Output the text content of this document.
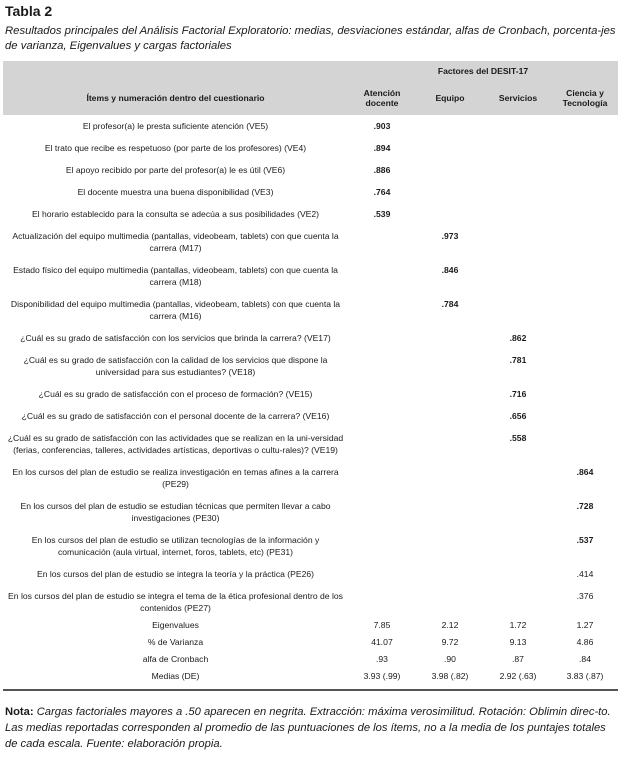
Tabla 2
Resultados principales del Análisis Factorial Exploratorio: medias, desviaciones estándar, alfas de Cronbach, porcenta-jes de varianza, Eigenvalues y cargas factoriales
	Factores del DESIT-17			
Ítems y numeración dentro del cuestionario	Atención docente	Equipo	Servicios	Ciencia y Tecnología
El profesor(a) le presta suficiente atención (VE5)	.903			
El trato que recibe es respetuoso (por parte de los profesores) (VE4)	.894			
El apoyo recibido por parte del profesor(a) le es útil (VE6)	.886			
El docente muestra una buena disponibilidad (VE3)	.764			
El horario establecido para la consulta se adecúa a sus posibilidades (VE2)	.539			
Actualización del equipo multimedia (pantallas, videobeam, tablets) con que cuenta la carrera (M17)		.973		
Estado físico del equipo multimedia (pantallas, videobeam, tablets) con que cuenta la carrera (M18)		.846		
Disponibilidad del equipo multimedia (pantallas, videobeam, tablets) con que cuenta la carrera (M16)		.784		
¿Cuál es su grado de satisfacción con los servicios que brinda la carrera? (VE17)			.862	
¿Cuál es su grado de satisfacción con la calidad de los servicios que dispone la universidad para sus estudiantes? (VE18)			.781	
¿Cuál es su grado de satisfacción con el proceso de formación? (VE15)			.716	
¿Cuál es su grado de satisfacción con el personal docente de la carrera? (VE16)			.656	
¿Cuál es su grado de satisfacción con las actividades que se realizan en la uni-versidad (ferias, conferencias, talleres, actividades artísticas, deportivas o cultu-rales)? (VE19)			.558	
En los cursos del plan de estudio se realiza investigación en temas afines a la carrera (PE29)				.864
En los cursos del plan de estudio se estudian técnicas que permiten llevar a cabo investigaciones (PE30)				.728
En los cursos del plan de estudio se utilizan tecnologías de la información y comunicación (aula virtual, internet, foros, tablets, etc) (PE31)				.537
En los cursos del plan de estudio se integra la teoría y la práctica (PE26)				.414
En los cursos del plan de estudio se integra el tema de la ética profesional dentro de los contenidos (PE27)				.376
Eigenvalues	7.85	2.12	1.72	1.27
% de Varianza	41.07	9.72	9.13	4.86
alfa de Cronbach	.93	.90	.87	.84
Medias (DE)	3.93 (.99)	3.98 (.82)	2.92 (.63)	3.83 (.87)
Nota: Cargas factoriales mayores a .50 aparecen en negrita. Extracción: máxima verosimilitud. Rotación: Oblimin direc-to. Las medias reportadas corresponden al promedio de las puntuaciones de los ítems, no a la media de los puntajes totales de cada escala. Fuente: elaboración propia.
